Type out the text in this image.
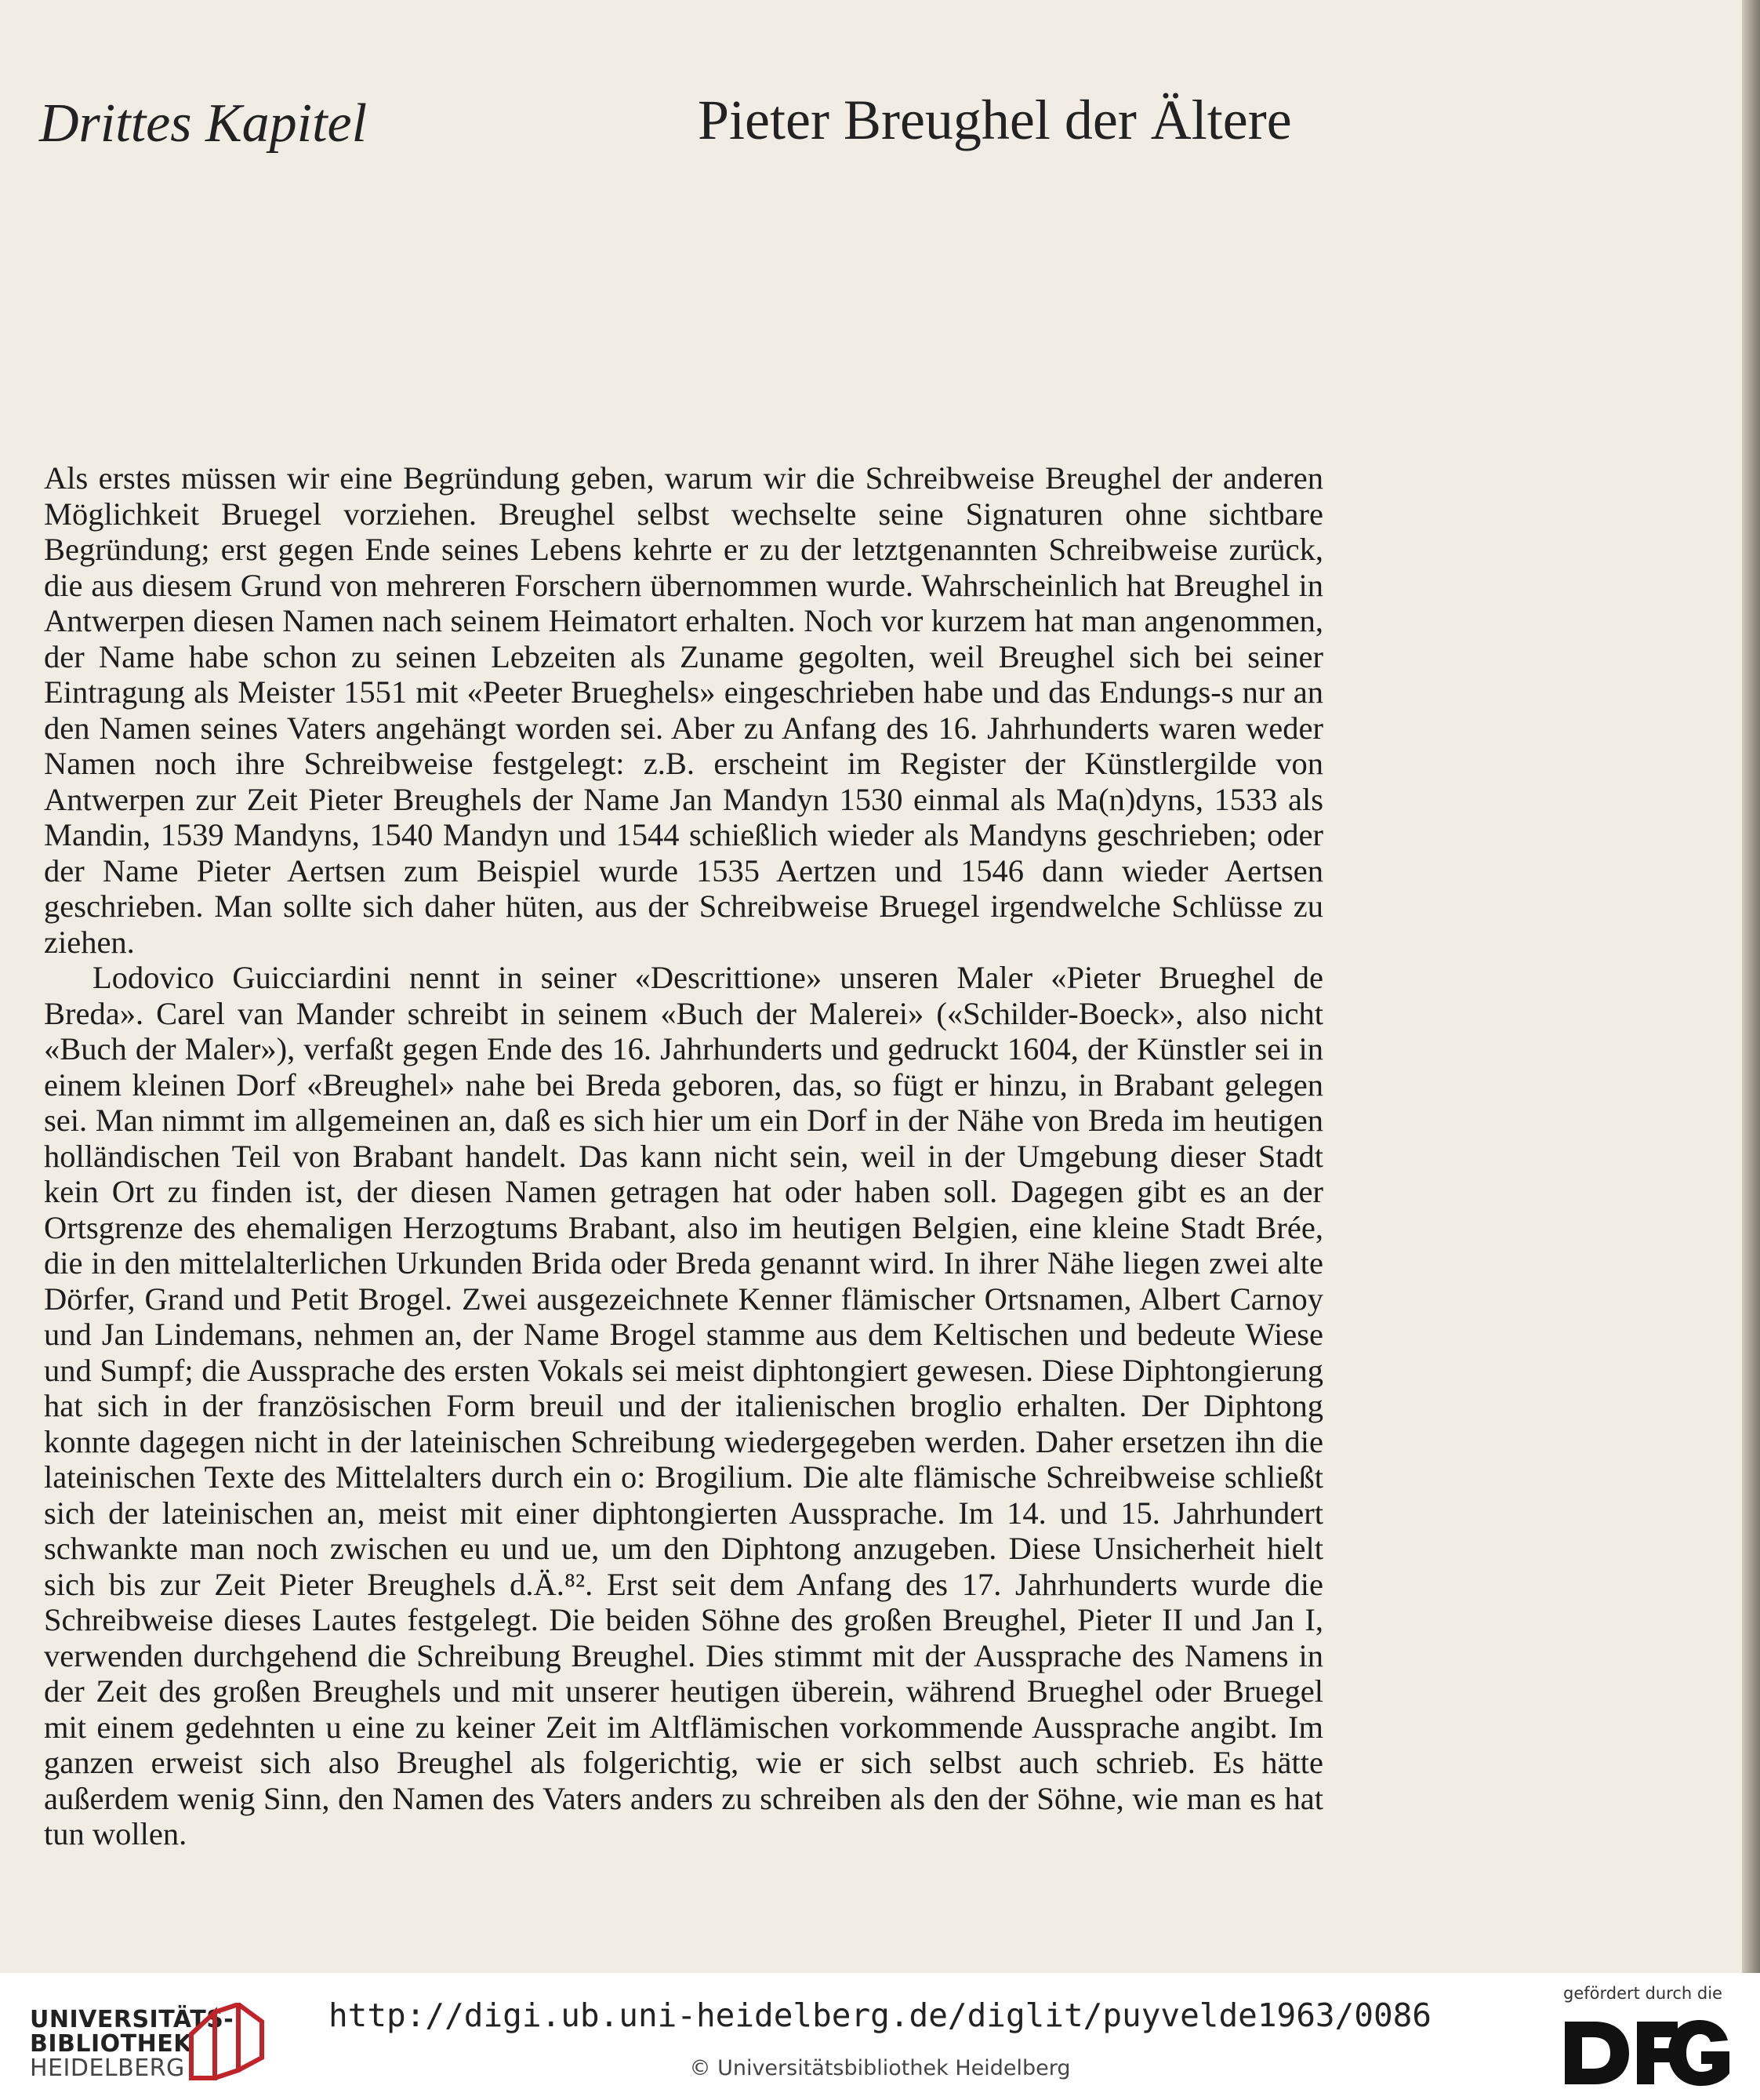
Drittes Kapitel	Pieter Breughel der Ältere

Als erstes müssen wir eine Begründung geben, warum wir die Schreibweise Breughel der anderen Möglichkeit Bruegel vorziehen. Breughel selbst wechselte seine Signaturen ohne sichtbare Begründung; erst gegen Ende seines Lebens kehrte er zu der letztgenannten Schreibweise zurück, die aus diesem Grund von mehreren Forschern übernommen wurde. Wahrscheinlich hat Breughel in Antwerpen diesen Namen nach seinem Heimatort erhalten. Noch vor kurzem hat man angenommen, der Name habe schon zu seinen Lebzeiten als Zuname gegolten, weil Breughel sich bei seiner Eintragung als Meister 1551 mit «Peeter Brueghels» eingeschrieben habe und das Endungs-s nur an den Namen seines Vaters angehängt worden sei. Aber zu Anfang des 16. Jahrhunderts waren weder Namen noch ihre Schreibweise festgelegt: z.B. erscheint im Register der Künstlergilde von Antwerpen zur Zeit Pieter Breughels der Name Jan Mandyn 1530 einmal als Ma(n)dyns, 1533 als Mandin, 1539 Mandyns, 1540 Mandyn und 1544 schießlich wieder als Mandyns geschrieben; oder der Name Pieter Aertsen zum Beispiel wurde 1535 Aertzen und 1546 dann wieder Aertsen geschrieben. Man sollte sich daher hüten, aus der Schreibweise Bruegel irgendwelche Schlüsse zu ziehen.

Lodovico Guicciardini nennt in seiner «Descrittione» unseren Maler «Pieter Brueghel de Breda». Carel van Mander schreibt in seinem «Buch der Malerei» («Schilder-Boeck», also nicht «Buch der Maler»), verfaßt gegen Ende des 16. Jahrhunderts und gedruckt 1604, der Künstler sei in einem kleinen Dorf «Breughel» nahe bei Breda geboren, das, so fügt er hinzu, in Brabant gelegen sei. Man nimmt im allgemeinen an, daß es sich hier um ein Dorf in der Nähe von Breda im heutigen holländischen Teil von Brabant handelt. Das kann nicht sein, weil in der Umgebung dieser Stadt kein Ort zu finden ist, der diesen Namen getragen hat oder haben soll. Dagegen gibt es an der Ortsgrenze des ehemaligen Herzogtums Brabant, also im heutigen Belgien, eine kleine Stadt Brée, die in den mittelalterlichen Urkunden Brida oder Breda genannt wird. In ihrer Nähe liegen zwei alte Dörfer, Grand und Petit Brogel. Zwei ausgezeichnete Kenner flämischer Ortsnamen, Albert Carnoy und Jan Lindemans, nehmen an, der Name Brogel stamme aus dem Keltischen und bedeute Wiese und Sumpf; die Aussprache des ersten Vokals sei meist diphtongiert gewesen. Diese Diphtongierung hat sich in der französischen Form breuil und der italienischen broglio erhalten. Der Diphtong konnte dagegen nicht in der lateinischen Schreibung wiedergegeben werden. Daher ersetzen ihn die lateinischen Texte des Mittelalters durch ein o: Brogilium. Die alte flämische Schreibweise schließt sich der lateinischen an, meist mit einer diphtongierten Aussprache. Im 14. und 15. Jahrhundert schwankte man noch zwischen eu und ue, um den Diphtong anzugeben. Diese Unsicherheit hielt sich bis zur Zeit Pieter Breughels d.Ä.⁸². Erst seit dem Anfang des 17. Jahrhunderts wurde die Schreibweise dieses Lautes festgelegt. Die beiden Söhne des großen Breughel, Pieter II und Jan I, verwenden durchgehend die Schreibung Breughel. Dies stimmt mit der Aussprache des Namens in der Zeit des großen Breughels und mit unserer heutigen überein, während Brueghel oder Bruegel mit einem gedehnten u eine zu keiner Zeit im Altflämischen vorkommende Aussprache angibt. Im ganzen erweist sich also Breughel als folgerichtig, wie er sich selbst auch schrieb. Es hätte außerdem wenig Sinn, den Namen des Vaters anders zu schreiben als den der Söhne, wie man es hat tun wollen.

UNIVERSITÄTS-
BIBLIOTHEK
HEIDELBERG
http://digi.ub.uni-heidelberg.de/diglit/puyvelde1963/0086
© Universitätsbibliothek Heidelberg
gefördert durch die
